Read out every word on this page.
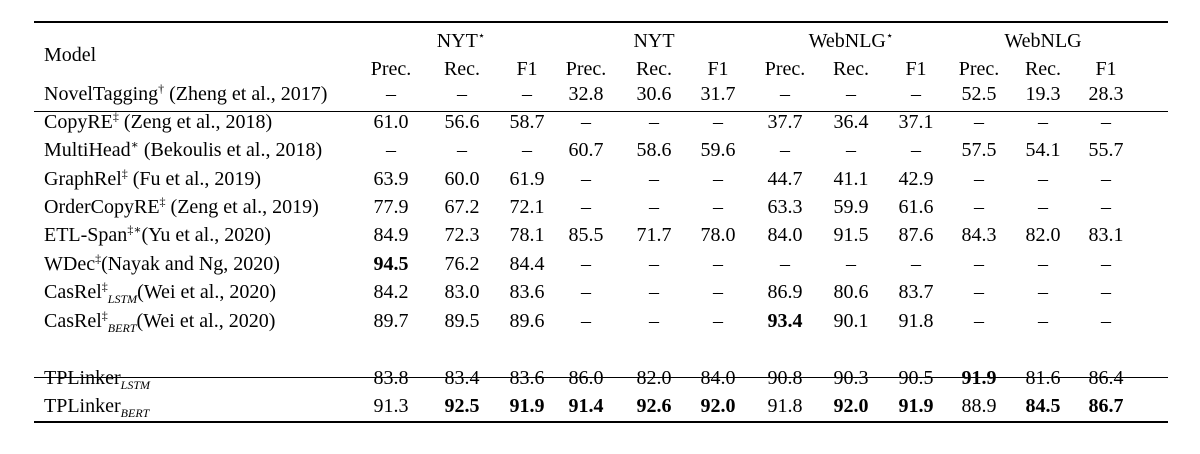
Model
NYT⋆	NYT	WebNLG⋆	WebNLG
Prec.	Rec.	F1	Prec.	Rec.	F1	Prec.	Rec.	F1	Prec.	Rec.	F1
NovelTagging† (Zheng et al., 2017)	–	–	–	32.8	30.6	31.7	–	–	–	52.5	19.3	28.3
CopyRE‡ (Zeng et al., 2018)	61.0	56.6	58.7	–	–	–	37.7	36.4	37.1	–	–	–
MultiHead∗ (Bekoulis et al., 2018)	–	–	–	60.7	58.6	59.6	–	–	–	57.5	54.1	55.7
GraphRel‡ (Fu et al., 2019)	63.9	60.0	61.9	–	–	–	44.7	41.1	42.9	–	–	–
OrderCopyRE‡ (Zeng et al., 2019)	77.9	67.2	72.1	–	–	–	63.3	59.9	61.6	–	–	–
ETL-Span‡∗(Yu et al., 2020)	84.9	72.3	78.1	85.5	71.7	78.0	84.0	91.5	87.6	84.3	82.0	83.1
WDec‡(Nayak and Ng, 2020)	94.5	76.2	84.4	–	–	–	–	–	–	–	–	–
CasRel‡$_{LSTM}$(Wei et al., 2020)	84.2	83.0	83.6	–	–	–	86.9	80.6	83.7	–	–	–
CasRel‡$_{BERT}$(Wei et al., 2020)	89.7	89.5	89.6	–	–	–	93.4	90.1	91.8	–	–	–
TPLinker$_{LSTM}$	83.8	83.4	83.6	86.0	82.0	84.0	90.8	90.3	90.5	91.9	81.6	86.4
TPLinker$_{BERT}$	91.3	92.5	91.9	91.4	92.6	92.0	91.8	92.0	91.9	88.9	84.5	86.7
